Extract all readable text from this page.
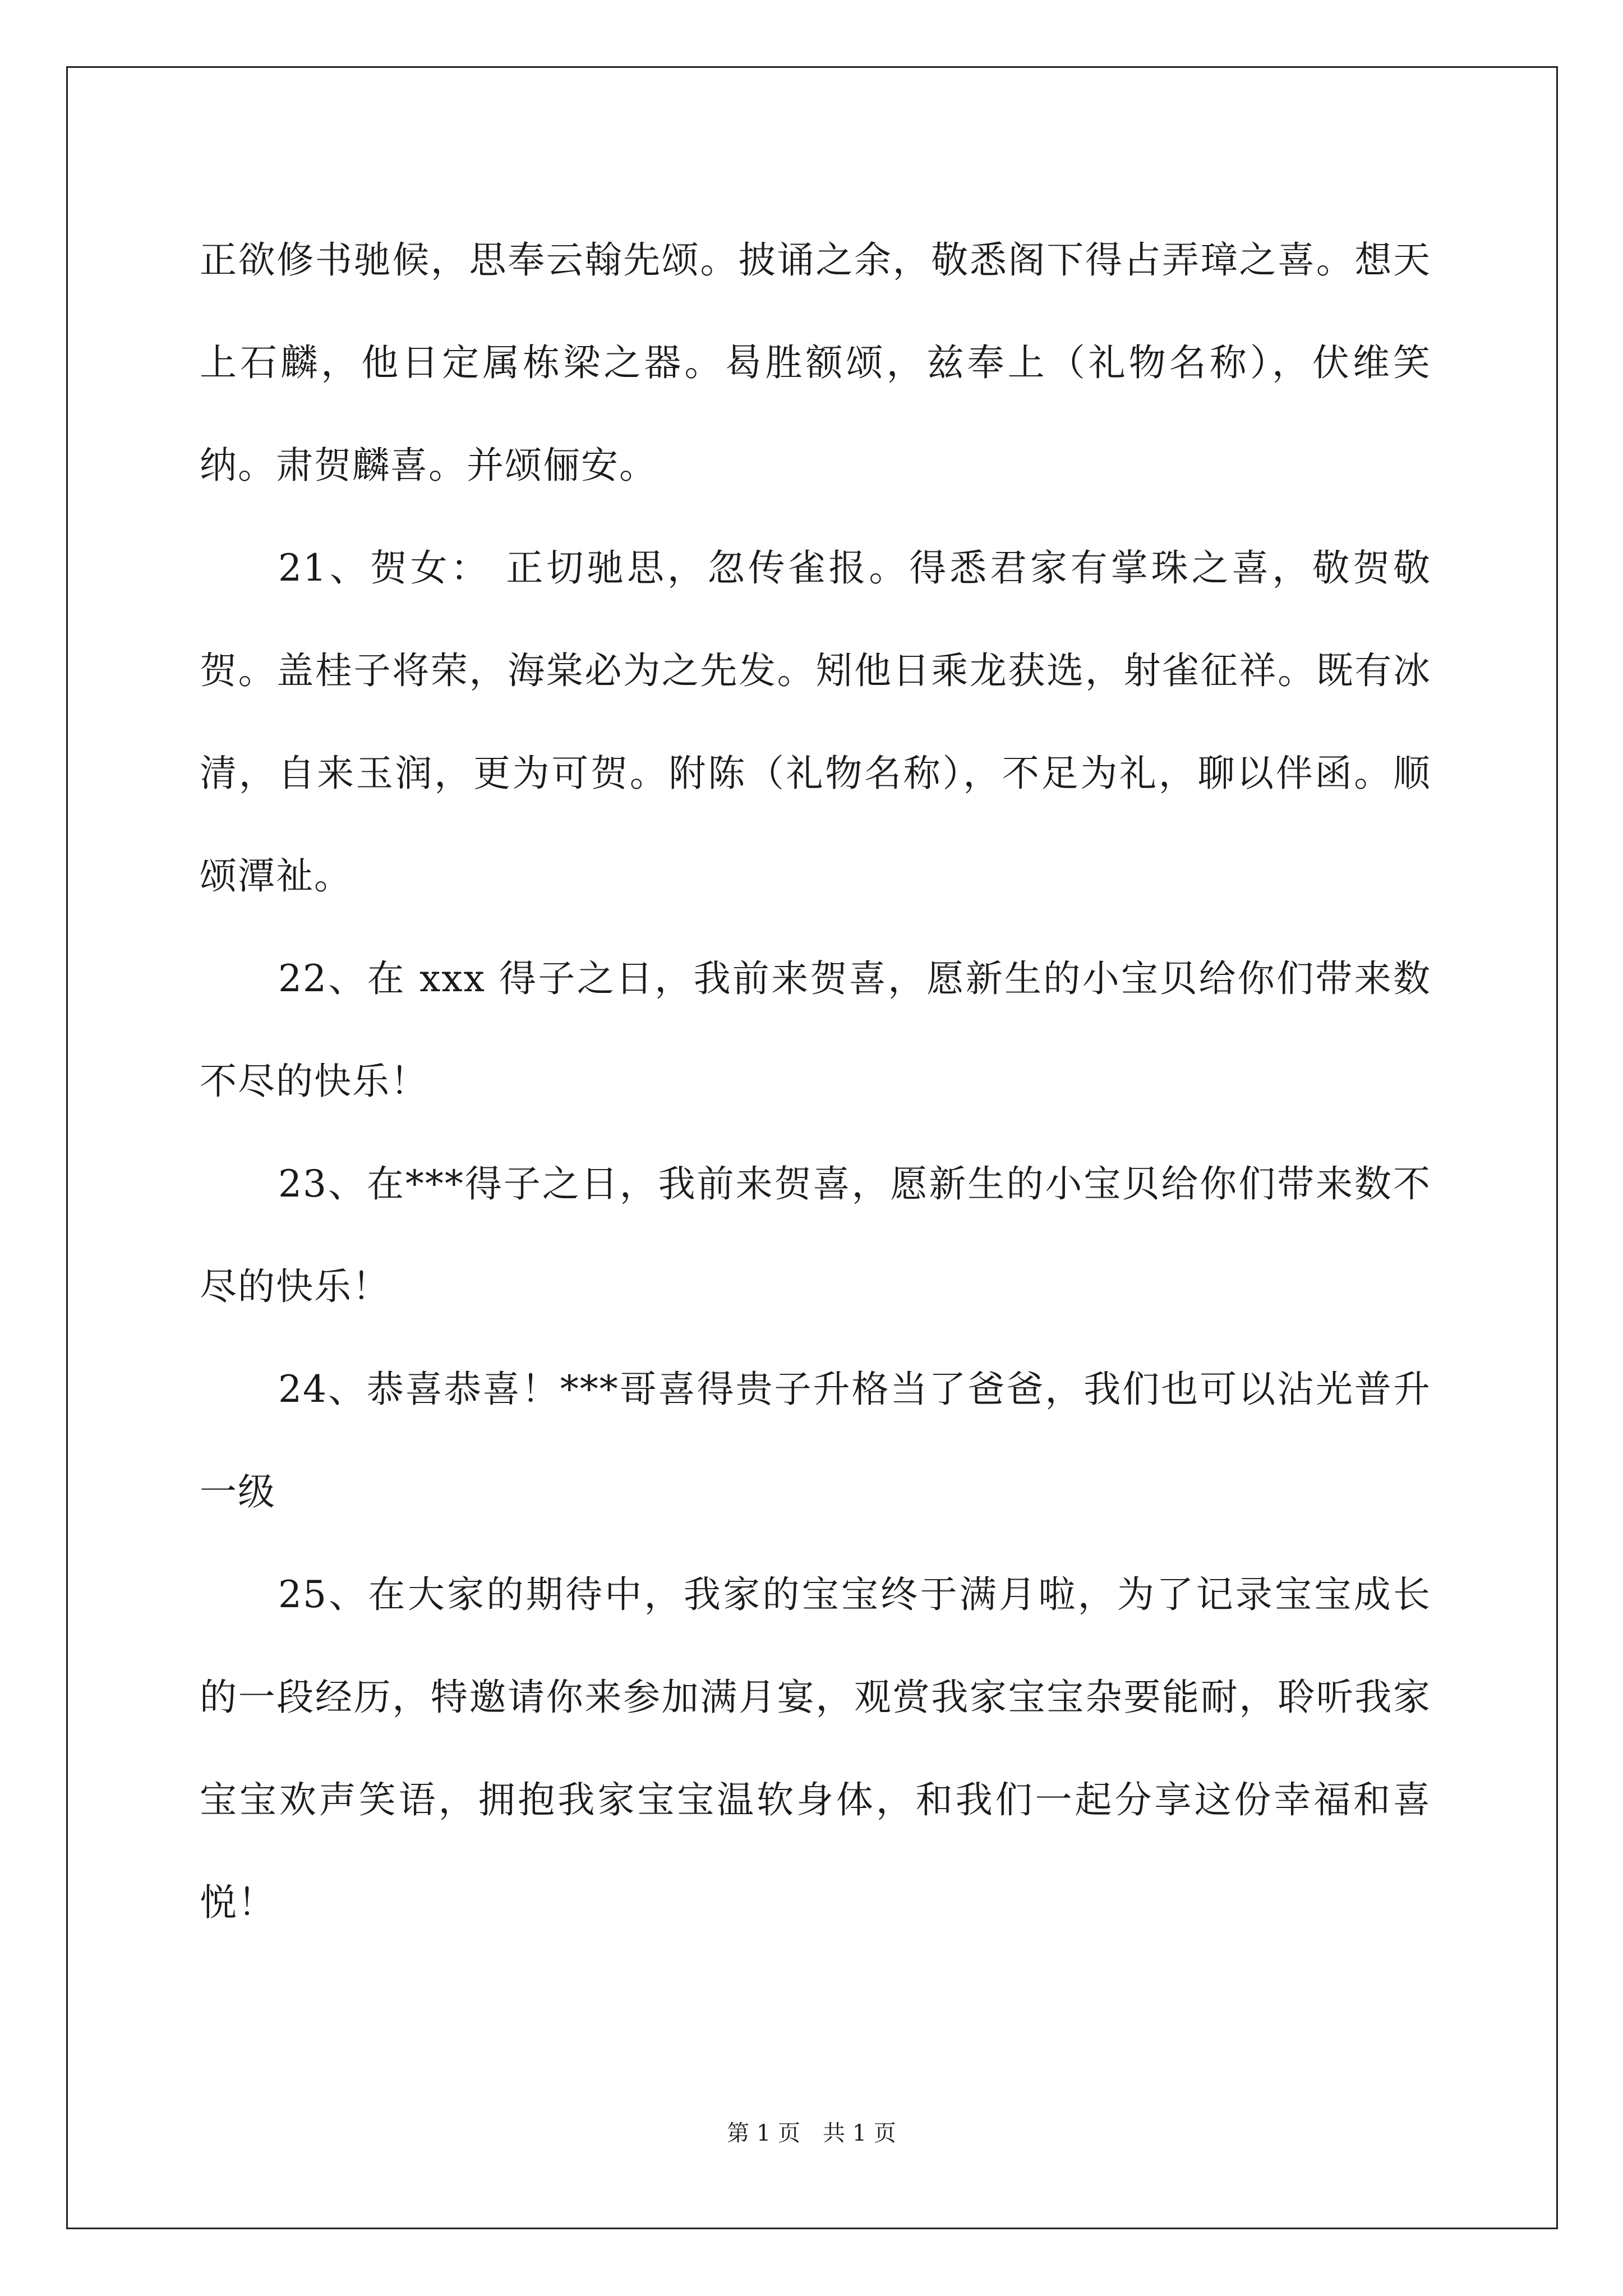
正欲修书驰候，思奉云翰先颂。披诵之余，敬悉阁下得占弄璋之喜。想天上石麟，他日定属栋梁之器。曷胜额颂，兹奉上（礼物名称），伏维笑纳。肃贺麟喜。并颂俪安。

21、贺女： 正切驰思，忽传雀报。得悉君家有掌珠之喜，敬贺敬贺。盖桂子将荣，海棠必为之先发。矧他日乘龙获选，射雀征祥。既有冰清，自来玉润，更为可贺。附陈（礼物名称），不足为礼，聊以伴函。顺颂潭祉。

22、在 xxx 得子之日，我前来贺喜，愿新生的小宝贝给你们带来数不尽的快乐！

23、在***得子之日，我前来贺喜，愿新生的小宝贝给你们带来数不尽的快乐！

24、恭喜恭喜！***哥喜得贵子升格当了爸爸，我们也可以沾光普升一级

25、在大家的期待中，我家的宝宝终于满月啦，为了记录宝宝成长的一段经历，特邀请你来参加满月宴，观赏我家宝宝杂要能耐，聆听我家宝宝欢声笑语，拥抱我家宝宝温软身体，和我们一起分享这份幸福和喜悦！

第 1 页　共 1 页
